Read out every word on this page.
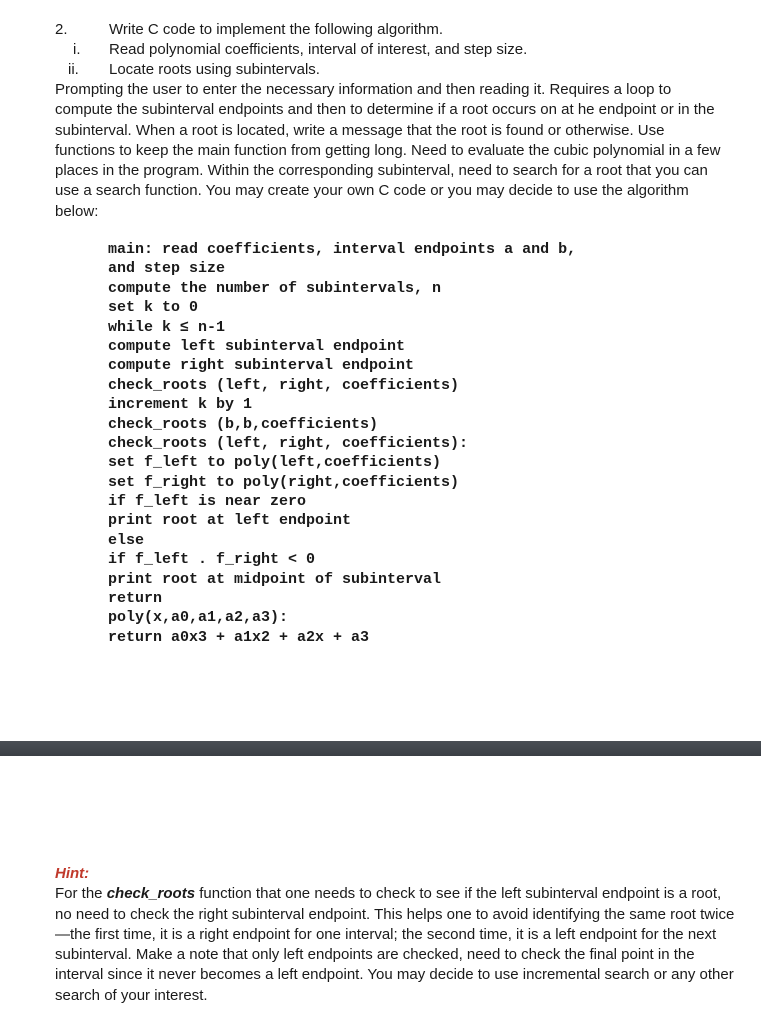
2.	Write C code to implement the following algorithm.
i. Read polynomial coefficients, interval of interest, and step size.
ii. Locate roots using subintervals.
Prompting the user to enter the necessary information and then reading it. Requires a loop to compute the subinterval endpoints and then to determine if a root occurs on at he endpoint or in the subinterval. When a root is located, write a message that the root is found or otherwise. Use functions to keep the main function from getting long. Need to evaluate the cubic polynomial in a few places in the program. Within the corresponding subinterval, need to search for a root that you can use a search function. You may create your own C code or you may decide to use the algorithm below:
main: read coefficients, interval endpoints a and b,
and step size
compute the number of subintervals, n
set k to 0
while k ≤ n-1
compute left subinterval endpoint
compute right subinterval endpoint
check_roots (left, right, coefficients)
increment k by 1
check_roots (b,b,coefficients)
check_roots (left, right, coefficients):
set f_left to poly(left,coefficients)
set f_right to poly(right,coefficients)
if f_left is near zero
print root at left endpoint
else
if f_left . f_right < 0
print root at midpoint of subinterval
return
poly(x,a0,a1,a2,a3):
return a0x3 + a1x2 + a2x + a3
Hint:
For the check_roots function that one needs to check to see if the left subinterval endpoint is a root, no need to check the right subinterval endpoint. This helps one to avoid identifying the same root twice—the first time, it is a right endpoint for one interval; the second time, it is a left endpoint for the next subinterval. Make a note that only left endpoints are checked, need to check the final point in the interval since it never becomes a left endpoint. You may decide to use incremental search or any other search of your interest.
